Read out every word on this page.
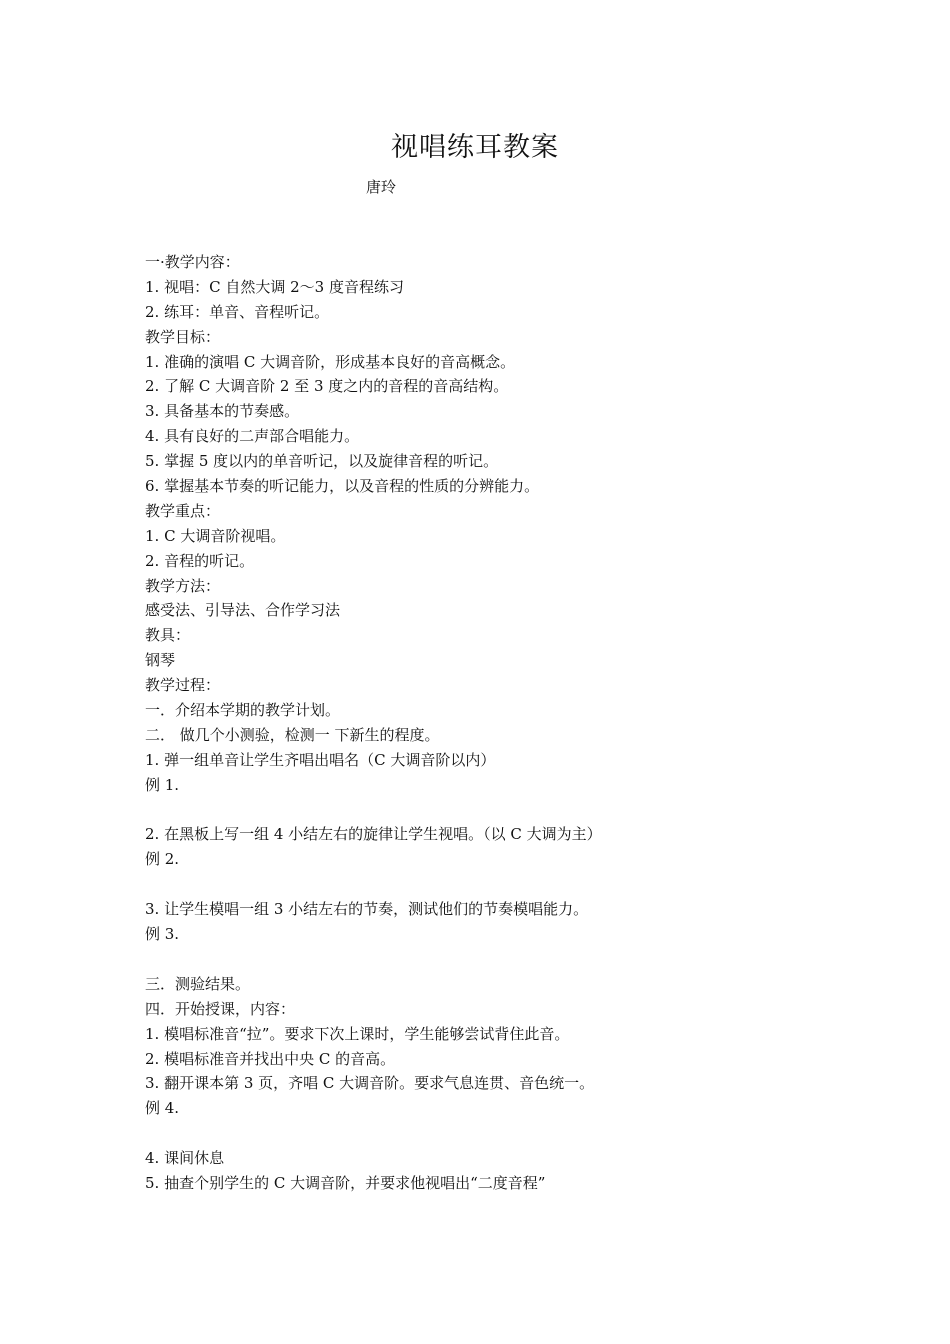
视唱练耳教案
唐玲
一·教学内容：
1. 视唱：C 自然大调 2～3 度音程练习
2. 练耳：单音、音程听记。
教学目标：
1. 准确的演唱 C 大调音阶，形成基本良好的音高概念。
2. 了解 C 大调音阶 2 至 3 度之内的音程的音高结构。
3. 具备基本的节奏感。
4. 具有良好的二声部合唱能力。
5. 掌握 5 度以内的单音听记，以及旋律音程的听记。
6. 掌握基本节奏的听记能力，以及音程的性质的分辨能力。
教学重点：
1. C 大调音阶视唱。
2. 音程的听记。
教学方法：
感受法、引导法、合作学习法
教具：
钢琴
教学过程：
一．介绍本学期的教学计划。
二． 做几个小测验，检测一 下新生的程度。
1. 弹一组单音让学生齐唱出唱名（C 大调音阶以内）
例 1.
2. 在黑板上写一组 4 小结左右的旋律让学生视唱。（以 C 大调为主）
例 2.
3. 让学生模唱一组 3 小结左右的节奏，测试他们的节奏模唱能力。
例 3.
三．测验结果。
四．开始授课，内容：
1. 模唱标准音“拉”。要求下次上课时，学生能够尝试背住此音。
2. 模唱标准音并找出中央 C 的音高。
3. 翻开课本第 3 页，齐唱 C 大调音阶。要求气息连贯、音色统一。
例 4.
4. 课间休息
5. 抽查个别学生的 C 大调音阶，并要求他视唱出“二度音程”
